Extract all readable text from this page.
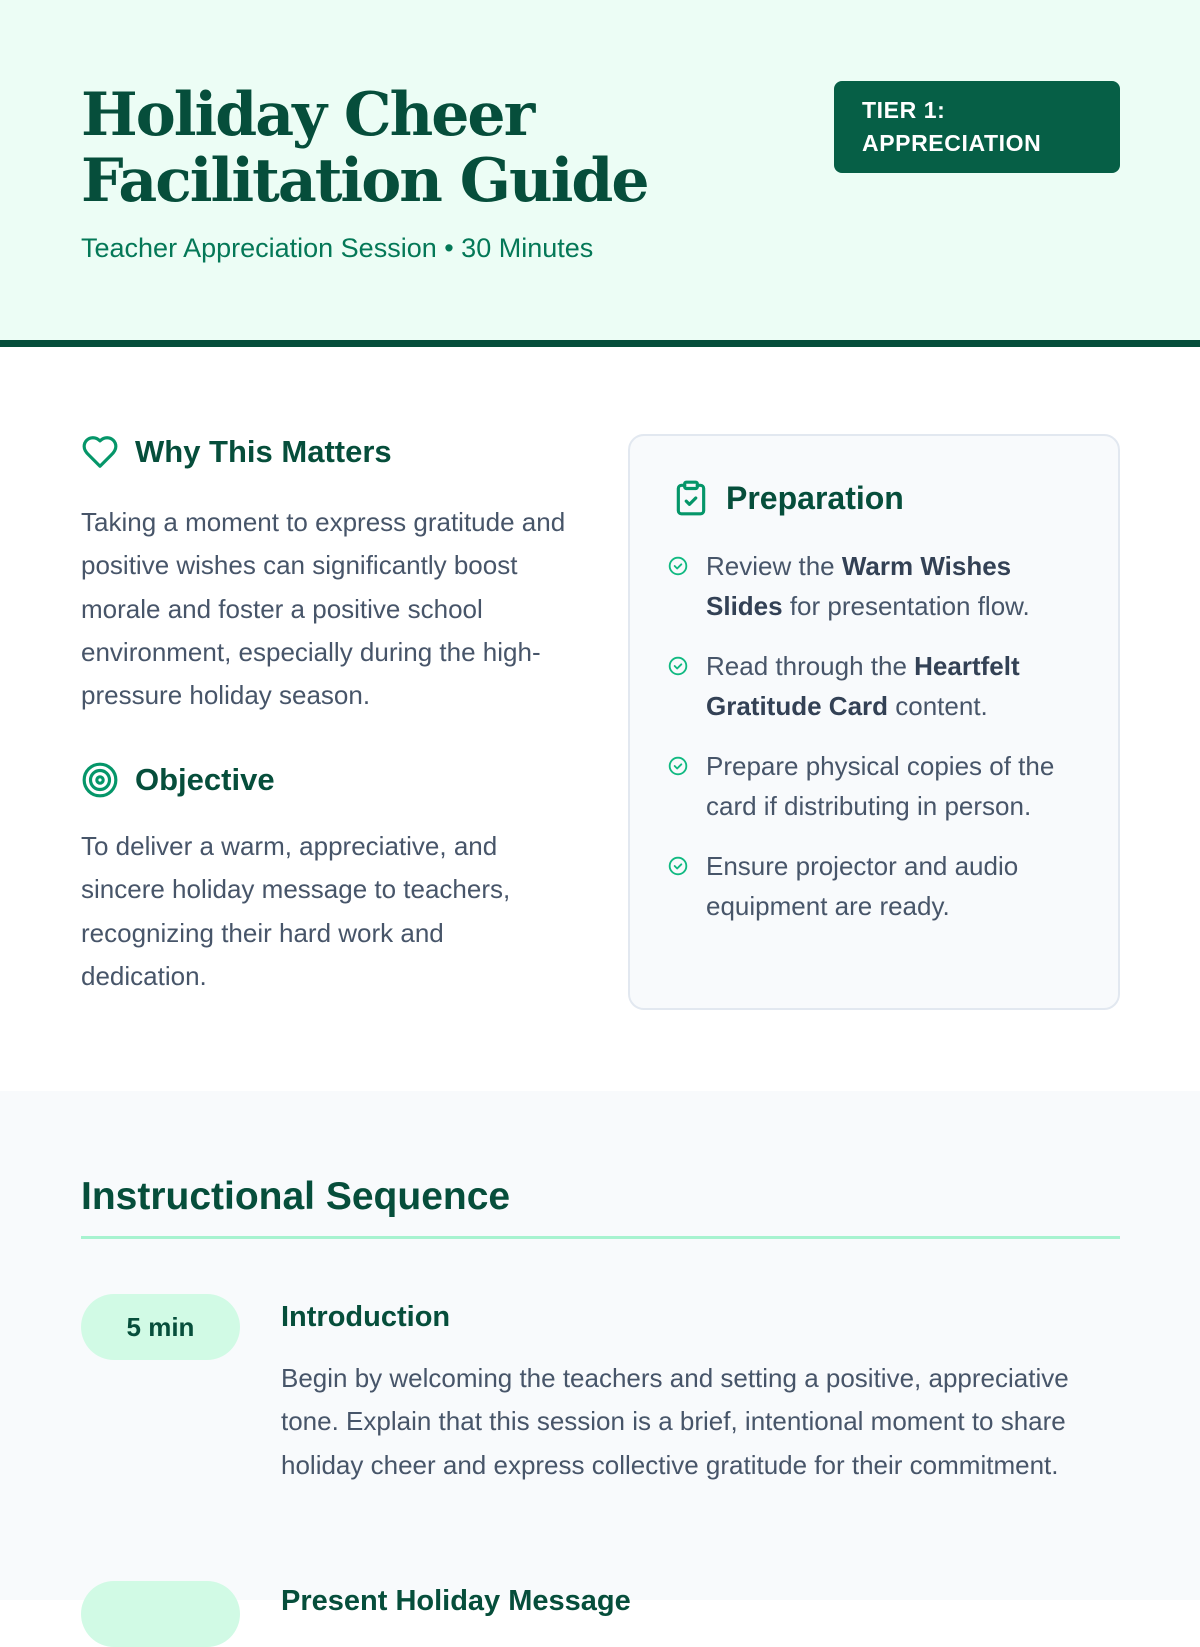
Holiday Cheer Facilitation Guide

Teacher Appreciation Session • 30 Minutes

TIER 1: APPRECIATION
Why This Matters

Taking a moment to express gratitude and positive wishes can significantly boost morale and foster a positive school environment, especially during the high-pressure holiday season.

Objective

To deliver a warm, appreciative, and sincere holiday message to teachers, recognizing their hard work and dedication.

Preparation
Review the Warm Wishes Slides for presentation flow.
Read through the Heartfelt Gratitude Card content.
Prepare physical copies of the card if distributing in person.
Ensure projector and audio equipment are ready.
Instructional Sequence
5 min	Introduction

Begin by welcoming the teachers and setting a positive, appreciative tone. Explain that this session is a brief, intentional moment to share holiday cheer and express collective gratitude for their commitment.

Present Holiday Message
